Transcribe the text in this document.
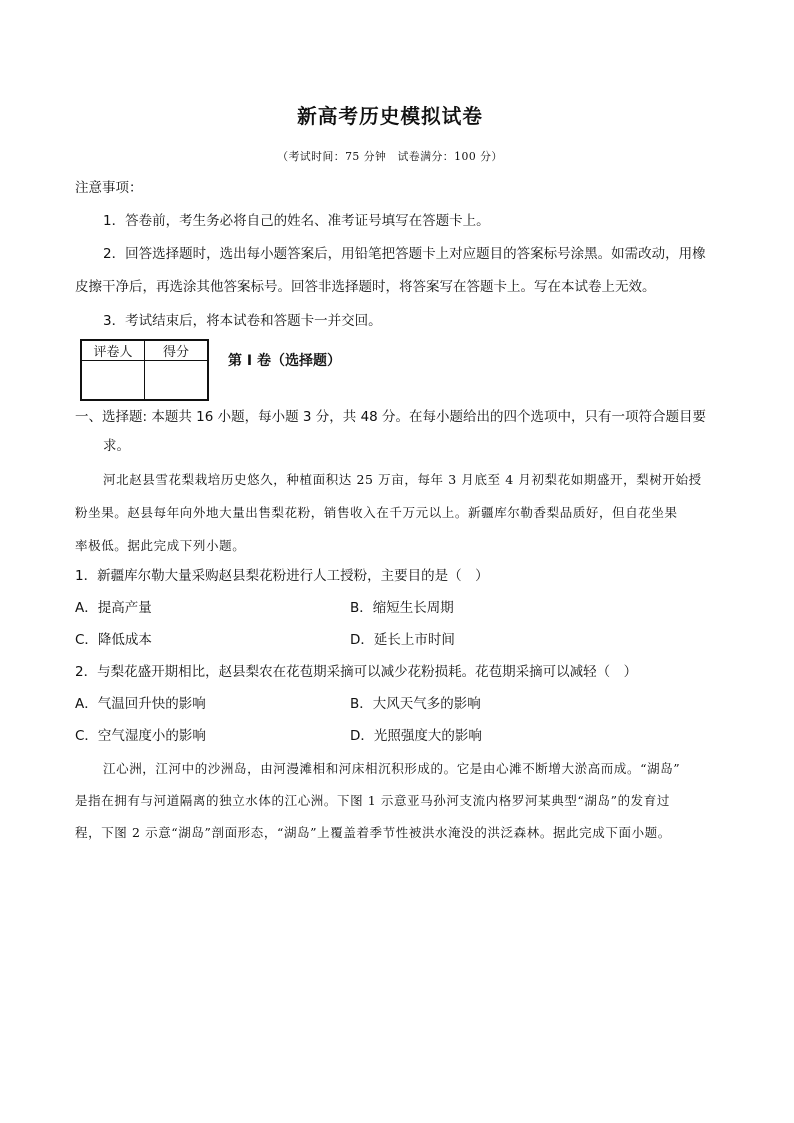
新高考历史模拟试卷
（考试时间：75 分钟　试卷满分：100 分）
注意事项：
1．答卷前，考生务必将自己的姓名、准考证号填写在答题卡上。
2．回答选择题时，选出每小题答案后，用铅笔把答题卡上对应题目的答案标号涂黑。如需改动，用橡
皮擦干净后，再选涂其他答案标号。回答非选择题时，将答案写在答题卡上。写在本试卷上无效。
3．考试结束后，将本试卷和答题卡一并交回。
评卷人	得分

第 I 卷（选择题）
一、选择题: 本题共 16 小题，每小题 3 分，共 48 分。在每小题给出的四个选项中，只有一项符合题目要
求。
河北赵县雪花梨栽培历史悠久，种植面积达 25 万亩，每年 3 月底至 4 月初梨花如期盛开，梨树开始授
粉坐果。赵县每年向外地大量出售梨花粉，销售收入在千万元以上。新疆库尔勒香梨品质好，但自花坐果
率极低。据此完成下列小题。
1．新疆库尔勒大量采购赵县梨花粉进行人工授粉，主要目的是（　）
A．提高产量	B．缩短生长周期
C．降低成本	D．延长上市时间
2．与梨花盛开期相比，赵县梨农在花苞期采摘可以减少花粉损耗。花苞期采摘可以减轻（　）
A．气温回升快的影响	B．大风天气多的影响
C．空气湿度小的影响	D．光照强度大的影响
江心洲，江河中的沙洲岛，由河漫滩相和河床相沉积形成的。它是由心滩不断增大淤高而成。“湖岛”
是指在拥有与河道隔离的独立水体的江心洲。下图 1 示意亚马孙河支流内格罗河某典型“湖岛”的发育过
程，下图 2 示意“湖岛”剖面形态，“湖岛”上覆盖着季节性被洪水淹没的洪泛森林。据此完成下面小题。
